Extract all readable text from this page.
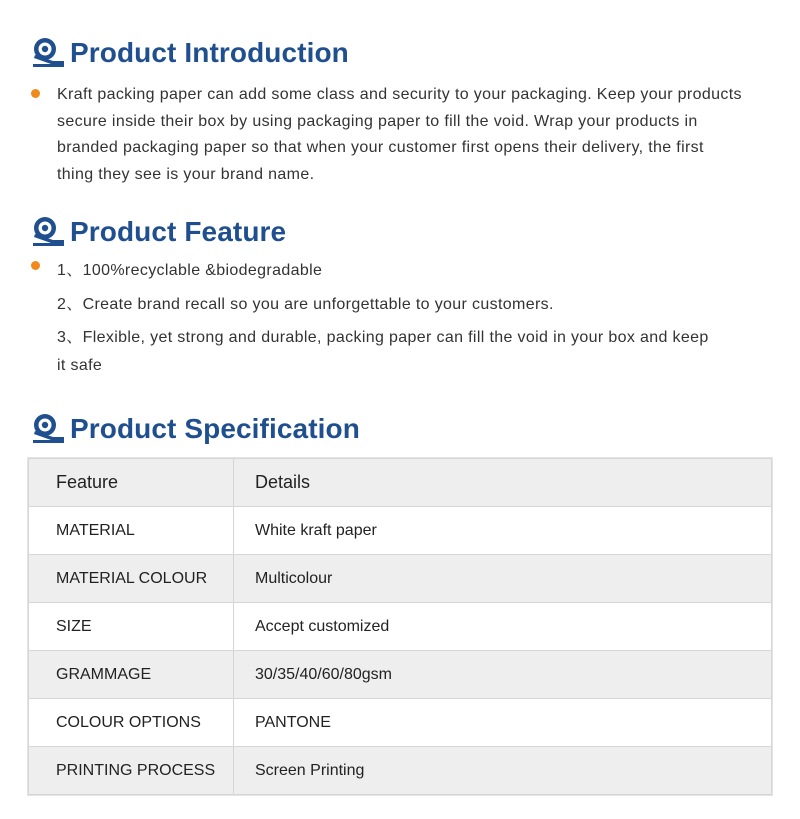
Product Introduction
Kraft packing paper can add some class and security to your packaging. Keep your products
secure inside their box by using packaging paper to fill the void. Wrap your products in
branded packaging paper so that when your customer first opens their delivery, the first
thing they see is your brand name.
Product Feature
1、100%recyclable &biodegradable
2、Create brand recall so you are unforgettable to your customers.
3、Flexible, yet strong and durable, packing paper can fill the void in your box and keep
it safe
Product Specification
Feature	Details

MATERIAL	White kraft paper

MATERIAL COLOUR	Multicolour

SIZE	Accept customized

GRAMMAGE	30/35/40/60/80gsm

COLOUR OPTIONS	PANTONE

PRINTING PROCESS	Screen Printing
